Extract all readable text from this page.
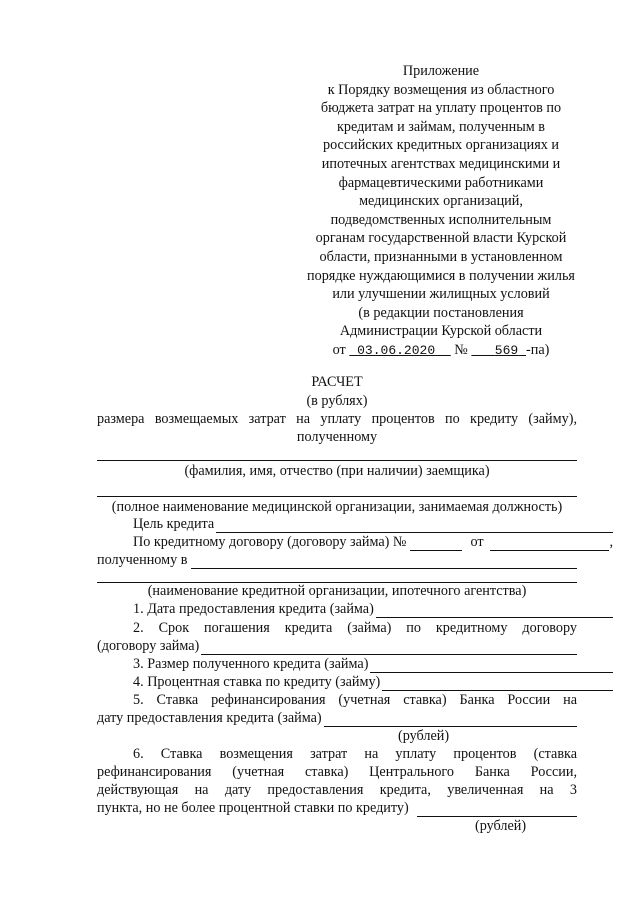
Приложение
к Порядку возмещения из областного
бюджета затрат на уплату процентов по
кредитам и займам, полученным в
российских кредитных организациях и
ипотечных агентствах медицинскими и
фармацевтическими работниками
медицинских организаций,
подведомственных исполнительным
органам государственной власти Курской
области, признанными в установленном
порядке нуждающимися в получении жилья
или улучшении жилищных условий
(в редакции постановления
Администрации Курской области
от 03.06.2020 № 569 -па)
РАСЧЕТ
(в рублях)
размера возмещаемых затрат на уплату процентов по кредиту (займу),
полученному
(фамилия, имя, отчество (при наличии) заемщика)
(полное наименование медицинской организации, занимаемая должность)
Цель кредита
По кредитному договору (договору займа) №	от	,
полученному в
(наименование кредитной организации, ипотечного агентства)
1. Дата предоставления кредита (займа)
2. Срок погашения кредита (займа) по кредитному договору
(договору займа)
3. Размер полученного кредита (займа)
4. Процентная ставка по кредиту (займу)
5. Ставка рефинансирования (учетная ставка) Банка России на
дату предоставления кредита (займа)
(рублей)
6. Ставка возмещения затрат на уплату процентов (ставка
рефинансирования (учетная ставка) Центрального Банка России,
действующая на дату предоставления кредита, увеличенная на 3
пункта, но не более процентной ставки по кредиту)
(рублей)
